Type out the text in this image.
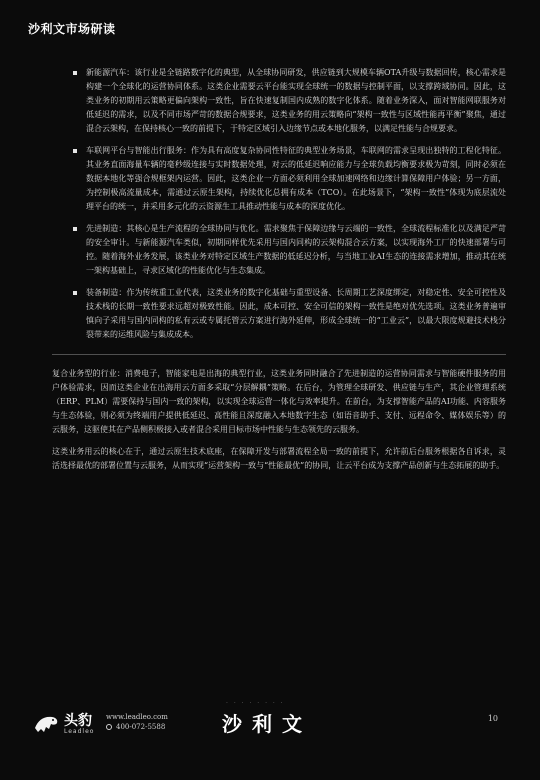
沙利文市场研读
新能源汽车：该行业是全链路数字化的典型，从全球协同研发，供应链到大规模车辆OTA升级与数据回传，核心需求是构建一个全球化的运营协同体系。这类企业需要云平台能实现全球统一的数据与控制平面，以支撑跨域协同。因此，这类业务的初期用云策略更偏向架构一致性，旨在快速复制国内成熟的数字化体系。随着业务深入，面对智能网联服务对低延迟的需求，以及不同市场严苛的数据合规要求，这类业务的用云策略向“架构一致性与区域性能再平衡”聚焦，通过混合云架构，在保持核心一致的前提下，于特定区域引入边缘节点或本地化服务，以满足性能与合规要求。
车联网平台与智能出行服务：作为具有高度复杂协同性特征的典型业务场景，车联网的需求呈现出独特的工程化特征。其业务直面海量车辆的毫秒级连接与实时数据处理，对云的低延迟响应能力与全球负载均衡要求极为苛刻，同时必须在数据本地化等强合规框架内运营。因此，这类企业一方面必须利用全球加速网络和边缘计算保障用户体验；另一方面，为控制极高流量成本，需通过云原生架构，持续优化总拥有成本（TCO）。在此场景下，“架构一致性”体现为底层流处理平台的统一，并采用多元化的云资源生工具推动性能与成本的深度优化。
先进制造：其核心是生产流程的全球协同与优化。需求聚焦于保障边缘与云端的一致性，全球流程标准化以及满足严苛的安全审计。与新能源汽车类似，初期同样优先采用与国内同构的云架构混合云方案，以实现海外工厂的快速部署与可控。随着海外业务发展，该类业务对特定区域生产数据的低延迟分析，与当地工业AI生态的连接需求增加，推动其在统一架构基础上，寻求区域化的性能优化与生态集成。
装备制造：作为传统重工业代表，这类业务的数字化基础与重型设备、长周期工艺深度绑定，对稳定性、安全可控性及技术栈的长期一致性要求远超对极致性能。因此，成本可控、安全可信的架构一致性是绝对优先选项。这类业务普遍审慎向子采用与国内同构的私有云或专属托管云方案进行海外延伸，形成全球统一的“工业云”，以最大限度规避技术栈分裂带来的运维风险与集成成本。

复合业务型的行业：消费电子，智能家电是出海的典型行业，这类业务同时融合了先进制造的运营协同需求与智能硬件服务的用户体验需求，因而这类企业在出海用云方面多采取“分层解耦”策略。在后台，为管理全球研发、供应链与生产，其企业管理系统（ERP、PLM）需要保持与国内一致的架构，以实现全球运营一体化与效率提升。在前台，为支撑智能产品的AI功能、内容服务与生态体验，则必须为终端用户提供低延迟、高性能且深度融入本地数字生态（如语音助手、支付、远程命令、媒体娱乐等）的云服务，这驱使其在产品侧积极接入或者混合采用目标市场中性能与生态领先的云服务。

这类业务用云的核心在于，通过云原生技术底座，在保障开发与部署流程全局一致的前提下，允许前后台服务根据各自诉求，灵活选择最优的部署位置与云服务，从而实现“运营架构一致与“性能最优”的协同，让云平台成为支撑产品创新与生态拓展的助手。

头豹
Leadleo
www.leadleo.com
400-072-5588
· · · · · · · ·
沙利文	10
